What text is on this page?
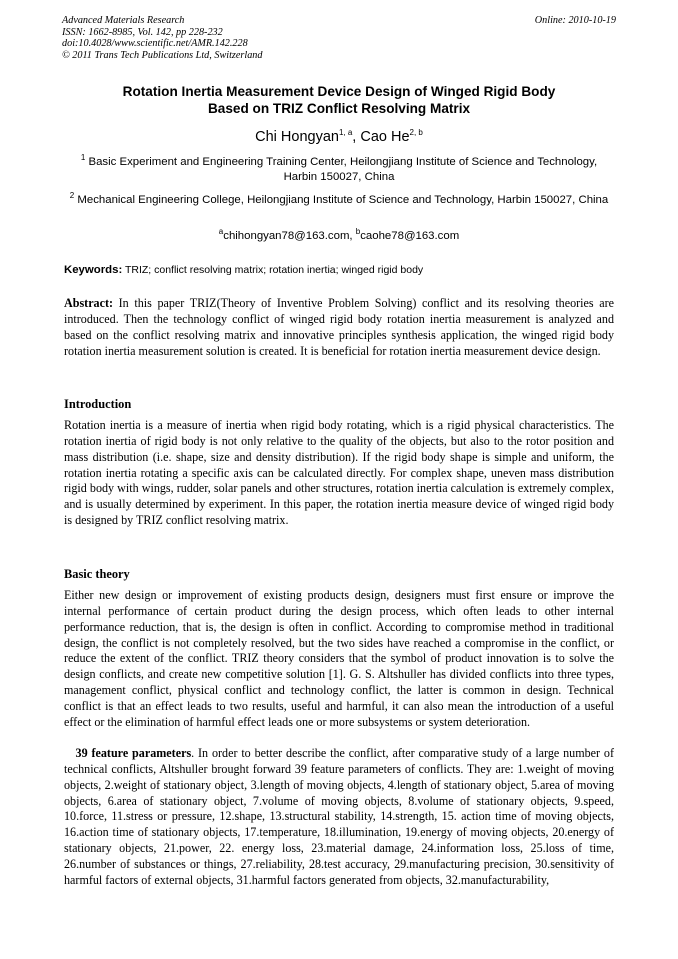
Advanced Materials Research
ISSN: 1662-8985, Vol. 142, pp 228-232
doi:10.4028/www.scientific.net/AMR.142.228
© 2011 Trans Tech Publications Ltd, Switzerland
Online: 2010-10-19
Rotation Inertia Measurement Device Design of Winged Rigid Body
Based on TRIZ Conflict Resolving Matrix
Chi Hongyan$^{1, a}$, Cao He$^{2, b}$
$^1$ Basic Experiment and Engineering Training Center, Heilongjiang Institute of Science and Technology, Harbin 150027, China
$^2$ Mechanical Engineering College, Heilongjiang Institute of Science and Technology, Harbin 150027, China
$^a$chihongyan78@163.com, $^b$caohe78@163.com
Keywords: TRIZ; conflict resolving matrix; rotation inertia; winged rigid body
Abstract: In this paper TRIZ(Theory of Inventive Problem Solving) conflict and its resolving theories are introduced. Then the technology conflict of winged rigid body rotation inertia measurement is analyzed and based on the conflict resolving matrix and innovative principles synthesis application, the winged rigid body rotation inertia measurement solution is created. It is beneficial for rotation inertia measurement device design.
Introduction
Rotation inertia is a measure of inertia when rigid body rotating, which is a rigid physical characteristics. The rotation inertia of rigid body is not only relative to the quality of the objects, but also to the rotor position and mass distribution (i.e. shape, size and density distribution). If the rigid body shape is simple and uniform, the rotation inertia rotating a specific axis can be calculated directly. For complex shape, uneven mass distribution rigid body with wings, rudder, solar panels and other structures, rotation inertia calculation is extremely complex, and is usually determined by experiment. In this paper, the rotation inertia measure device of winged rigid body is designed by TRIZ conflict resolving matrix.
Basic theory
Either new design or improvement of existing products design, designers must first ensure or improve the internal performance of certain product during the design process, which often leads to other internal performance reduction, that is, the design is often in conflict. According to compromise method in traditional design, the conflict is not completely resolved, but the two sides have reached a compromise in the conflict, or reduce the extent of the conflict. TRIZ theory considers that the symbol of product innovation is to solve the design conflicts, and create new competitive solution [1]. G. S. Altshuller has divided conflicts into three types, management conflict, physical conflict and technology conflict, the latter is common in design. Technical conflict is that an effect leads to two results, useful and harmful, it can also mean the introduction of a useful effect or the elimination of harmful effect leads one or more subsystems or system deterioration.
39 feature parameters. In order to better describe the conflict, after comparative study of a large number of technical conflicts, Altshuller brought forward 39 feature parameters of conflicts. They are: 1.weight of moving objects, 2.weight of stationary object, 3.length of moving objects, 4.length of stationary object, 5.area of moving objects, 6.area of stationary object, 7.volume of moving objects, 8.volume of stationary objects, 9.speed, 10.force, 11.stress or pressure, 12.shape, 13.structural stability, 14.strength, 15. action time of moving objects, 16.action time of stationary objects, 17.temperature, 18.illumination, 19.energy of moving objects, 20.energy of stationary objects, 21.power, 22. energy loss, 23.material damage, 24.information loss, 25.loss of time, 26.number of substances or things, 27.reliability, 28.test accuracy, 29.manufacturing precision, 30.sensitivity of harmful factors of external objects, 31.harmful factors generated from objects, 32.manufacturability,
